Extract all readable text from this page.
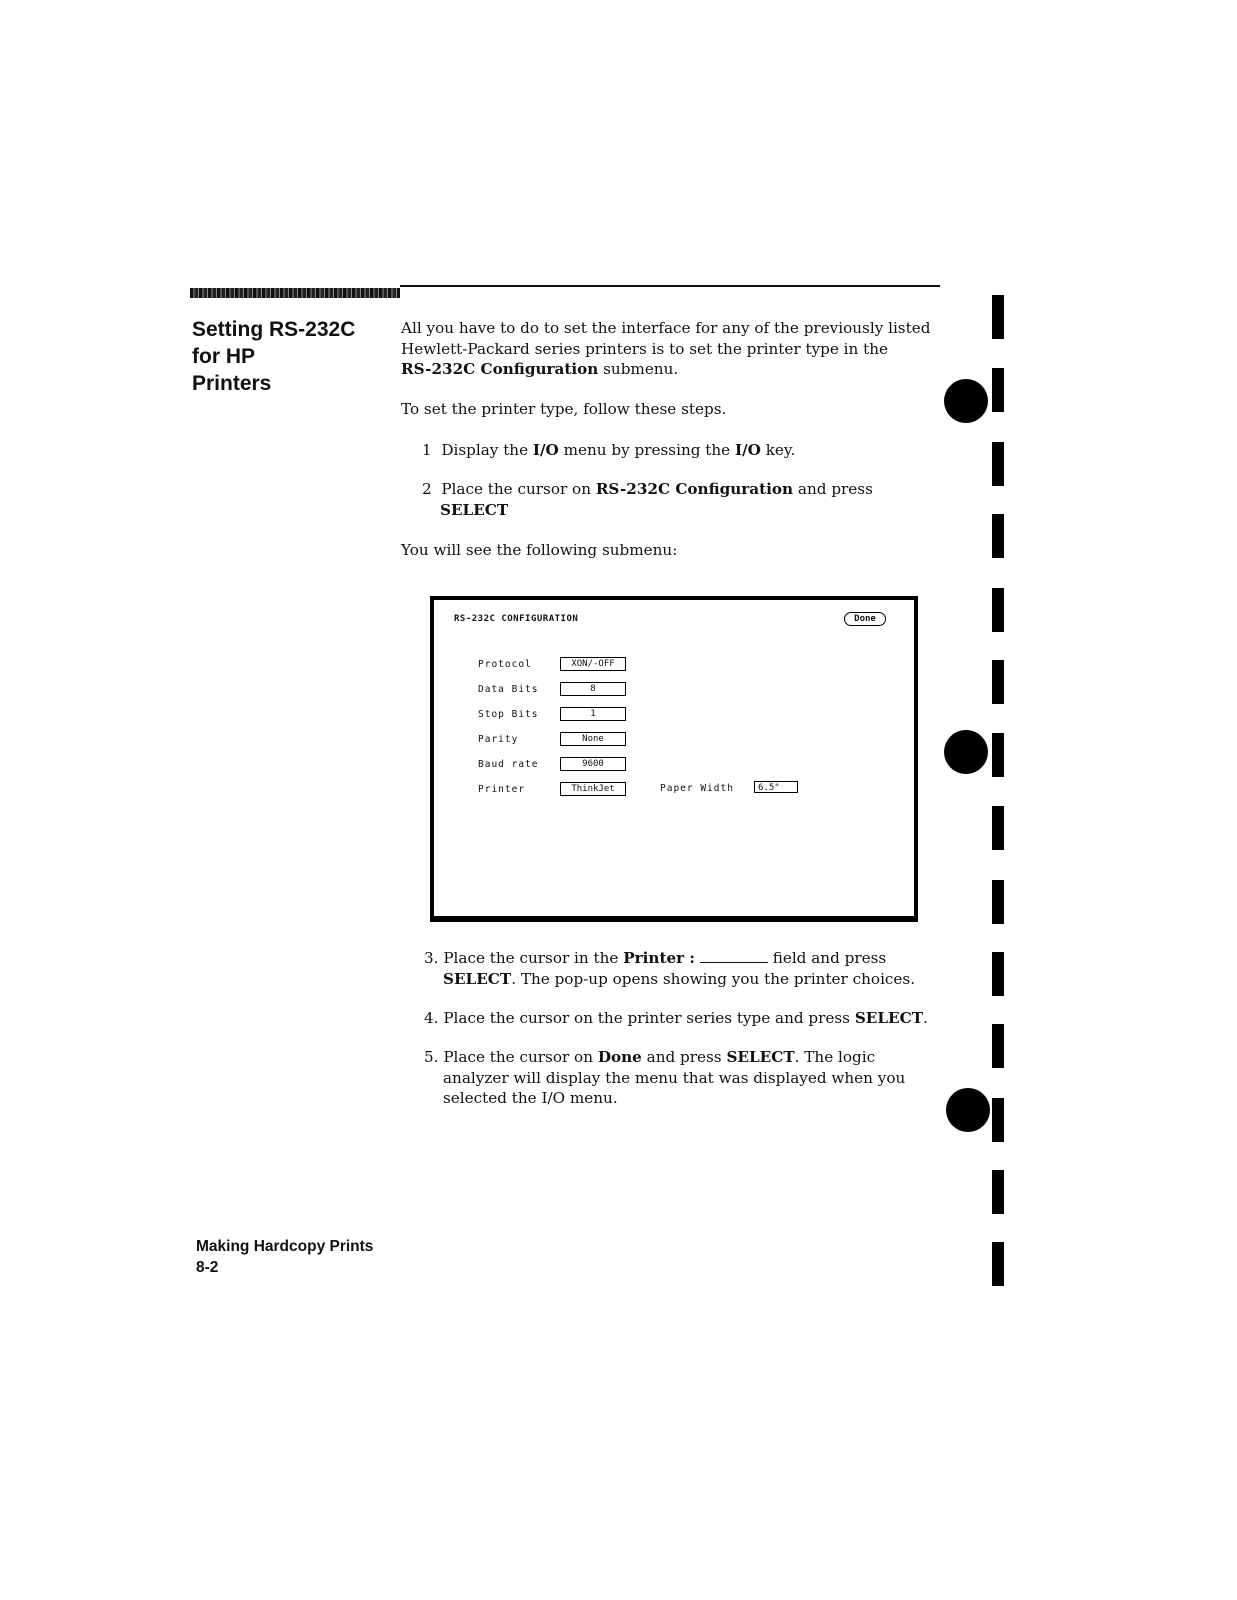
Setting RS-232C
for HP
Printers
All you have to do to set the interface for any of the previously listed
Hewlett-Packard series printers is to set the printer type in the
RS-232C Configuration submenu.
To set the printer type, follow these steps.
1 Display the I/O menu by pressing the I/O key.
2 Place the cursor on RS-232C Configuration and press
SELECT
You will see the following submenu:
RS-232C CONFIGURATION	Done
Protocol	XON/-OFF
Data Bits	8
Stop Bits	1
Parity	None
Baud rate	9600
Printer	ThinkJet	Paper Width	6.5"
3. Place the cursor in the Printer :	field and press
SELECT. The pop-up opens showing you the printer choices.
4. Place the cursor on the printer series type and press SELECT.
5. Place the cursor on Done and press SELECT. The logic
analyzer will display the menu that was displayed when you
selected the I/O menu.
Making Hardcopy Prints
8-2
